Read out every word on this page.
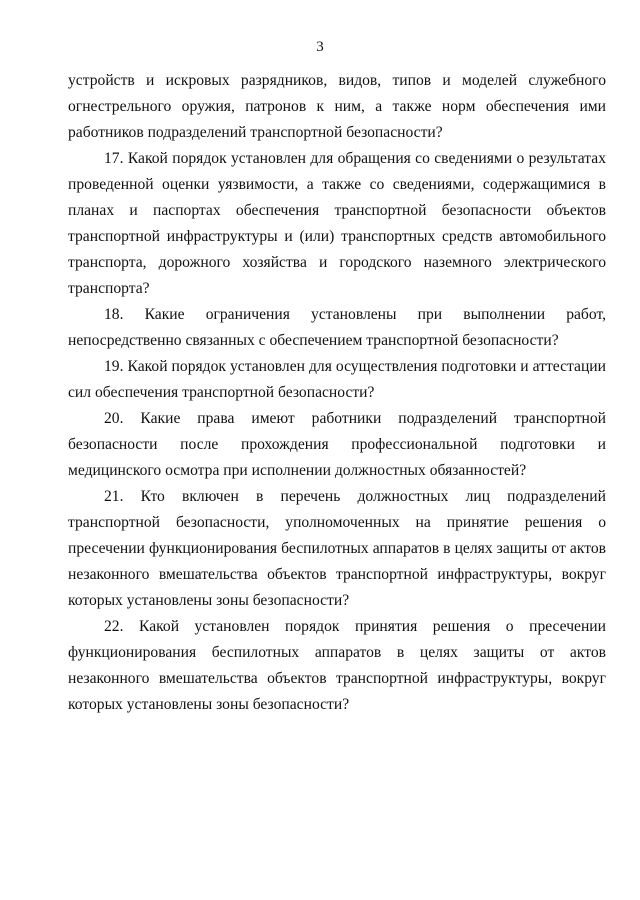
3

устройств и искровых разрядников, видов, типов и моделей служебного огнестрельного оружия, патронов к ним, а также норм обеспечения ими работников подразделений транспортной безопасности?

17. Какой порядок установлен для обращения со сведениями о результатах проведенной оценки уязвимости, а также со сведениями, содержащимися в планах и паспортах обеспечения транспортной безопасности объектов транспортной инфраструктуры и (или) транспортных средств автомобильного транспорта, дорожного хозяйства и городского наземного электрического транспорта?

18. Какие ограничения установлены при выполнении работ, непосредственно связанных с обеспечением транспортной безопасности?

19. Какой порядок установлен для осуществления подготовки и аттестации сил обеспечения транспортной безопасности?

20. Какие права имеют работники подразделений транспортной безопасности после прохождения профессиональной подготовки и медицинского осмотра при исполнении должностных обязанностей?

21. Кто включен в перечень должностных лиц подразделений транспортной безопасности, уполномоченных на принятие решения о пресечении функционирования беспилотных аппаратов в целях защиты от актов незаконного вмешательства объектов транспортной инфраструктуры, вокруг которых установлены зоны безопасности?

22. Какой установлен порядок принятия решения о пресечении функционирования беспилотных аппаратов в целях защиты от актов незаконного вмешательства объектов транспортной инфраструктуры, вокруг которых установлены зоны безопасности?
